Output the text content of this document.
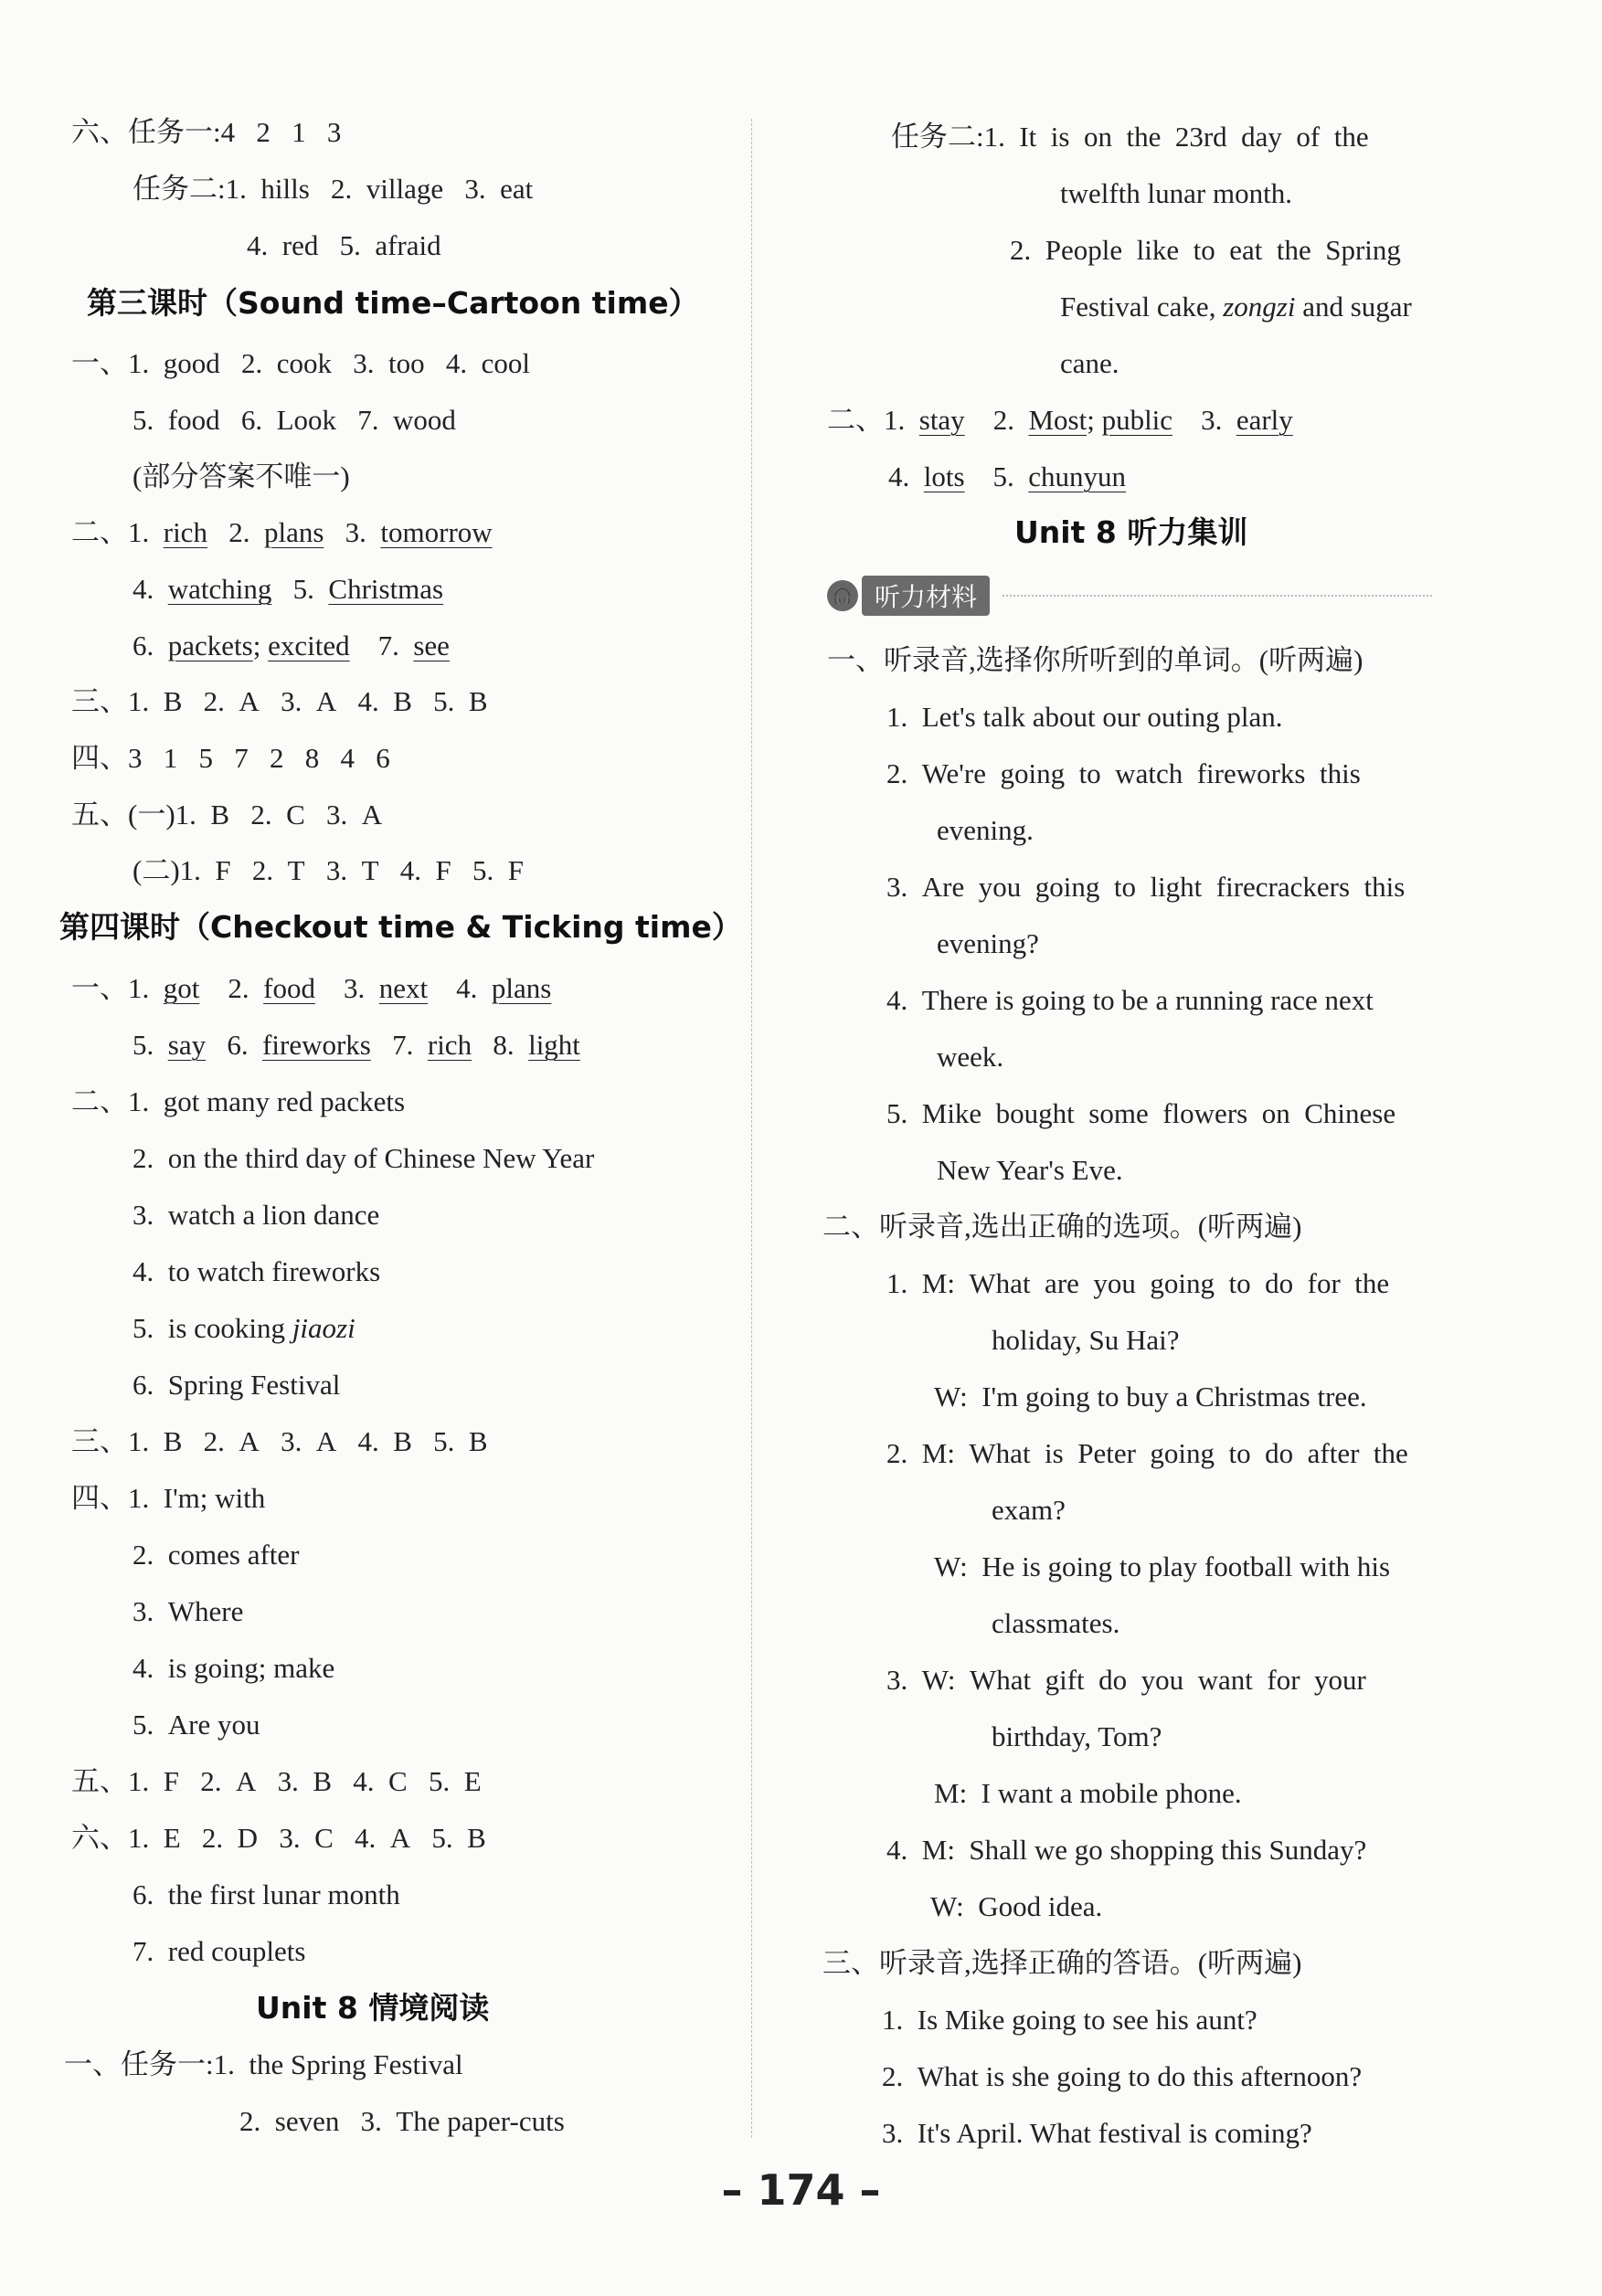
六、任务一:4   2   1   3
任务二:1.  hills   2.  village   3.  eat
4.  red   5.  afraid
第三课时（Sound time–Cartoon time）
一、1.  good   2.  cook   3.  too   4.  cool
5.  food   6.  Look   7.  wood
(部分答案不唯一)
二、1.  rich   2.  plans   3.  tomorrow
4.  watching   5.  Christmas
6.  packets; excited    7.  see
三、1.  B   2.  A   3.  A   4.  B   5.  B
四、3   1   5   7   2   8   4   6
五、(一)1.  B   2.  C   3.  A
(二)1.  F   2.  T   3.  T   4.  F   5.  F
第四课时（Checkout time & Ticking time）
一、1.  got    2.  food    3.  next    4.  plans
5.  say   6.  fireworks   7.  rich   8.  light
二、1.  got many red packets
2.  on the third day of Chinese New Year
3.  watch a lion dance
4.  to watch fireworks
5.  is cooking jiaozi
6.  Spring Festival
三、1.  B   2.  A   3.  A   4.  B   5.  B
四、1.  I'm; with
2.  comes after
3.  Where
4.  is going; make
5.  Are you
五、1.  F   2.  A   3.  B   4.  C   5.  E
六、1.  E   2.  D   3.  C   4.  A   5.  B
6.  the first lunar month
7.  red couplets
Unit 8 情境阅读
一、任务一:1.  the Spring Festival
2.  seven   3.  The paper-cuts
任务二:1.  It  is  on  the  23rd  day  of  the
twelfth lunar month.
2.  People  like  to  eat  the  Spring
Festival cake, zongzi and sugar
cane.
二、1.  stay    2.  Most; public    3.  early
4.  lots    5.  chunyun
Unit 8 听力集训
一、听录音,选择你所听到的单词。(听两遍)
1.  Let's talk about our outing plan.
2.  We're  going  to  watch  fireworks  this
evening.
3.  Are  you  going  to  light  firecrackers  this
evening?
4.  There is going to be a running race next
week.
5.  Mike  bought  some  flowers  on  Chinese
New Year's Eve.
二、听录音,选出正确的选项。(听两遍)
1.  M:  What  are  you  going  to  do  for  the
holiday, Su Hai?
W:  I'm going to buy a Christmas tree.
2.  M:  What  is  Peter  going  to  do  after  the
exam?
W:  He is going to play football with his
classmates.
3.  W:  What  gift  do  you  want  for  your
birthday, Tom?
M:  I want a mobile phone.
4.  M:  Shall we go shopping this Sunday?
W:  Good idea.
三、听录音,选择正确的答语。(听两遍)
1.  Is Mike going to see his aunt?
2.  What is she going to do this afternoon?
3.  It's April. What festival is coming?
🎧 听力材料
– 174 –
